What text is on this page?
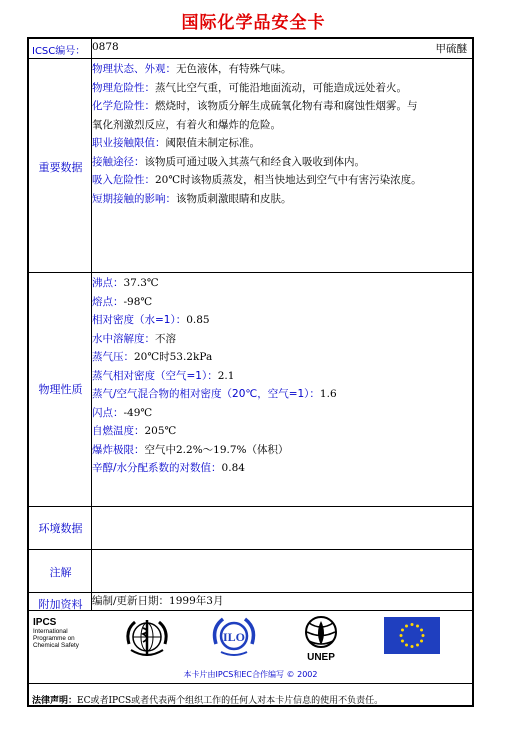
国际化学品安全卡
ICSC编号： 0878	甲硫醚
重要数据
物理状态、外观：无色液体，有特殊气味。
物理危险性：蒸气比空气重，可能沿地面流动，可能造成远处着火。
化学危险性：燃烧时，该物质分解生成硫氧化物有毒和腐蚀性烟雾。与
氧化剂激烈反应，有着火和爆炸的危险。
职业接触限值：阈限值未制定标准。
接触途径：该物质可通过吸入其蒸气和经食入吸收到体内。
吸入危险性：20℃时该物质蒸发，相当快地达到空气中有害污染浓度。
短期接触的影响：该物质刺激眼睛和皮肤。
物理性质
沸点：37.3℃
熔点：-98℃
相对密度（水=1）：0.85
水中溶解度：不溶
蒸气压：20℃时53.2kPa
蒸气相对密度（空气=1）：2.1
蒸气/空气混合物的相对密度（20℃，空气=1）：1.6
闪点：-49℃
自燃温度：205℃
爆炸极限：空气中2.2%～19.7%（体积）
辛醇/水分配系数的对数值：0.84
环境数据
注解
附加资料 编制/更新日期：1999年3月
IPCS
International
Programme on
Chemical Safety
ILO
UNEP
本卡片由IPCS和EC合作编写 © 2002
法律声明：EC或者IPCS或者代表两个组织工作的任何人对本卡片信息的使用不负责任。
